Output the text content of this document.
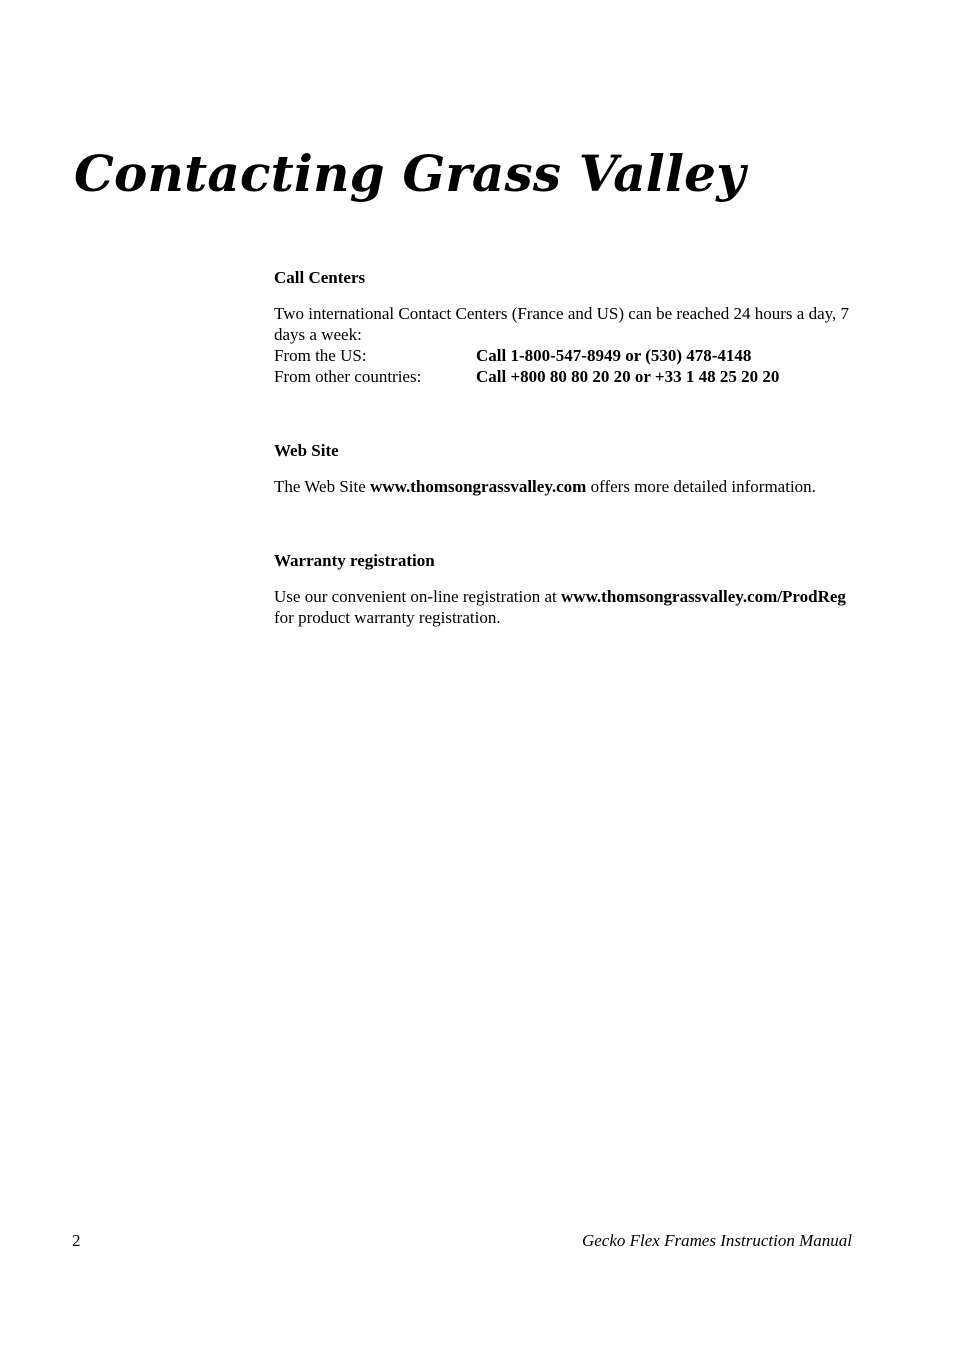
Contacting Grass Valley
Call Centers

Two international Contact Centers (France and US) can be reached 24 hours a day, 7 days a week:

From the US:	Call 1-800-547-8949 or (530) 478-4148
From other countries:	Call +800 80 80 20 20 or +33 1 48 25 20 20
Web Site

The Web Site www.thomsongrassvalley.com offers more detailed information.

Warranty registration

Use our convenient on-line registration at www.thomsongrassvalley.com/ProdReg for product warranty registration.

2	Gecko Flex Frames Instruction Manual
